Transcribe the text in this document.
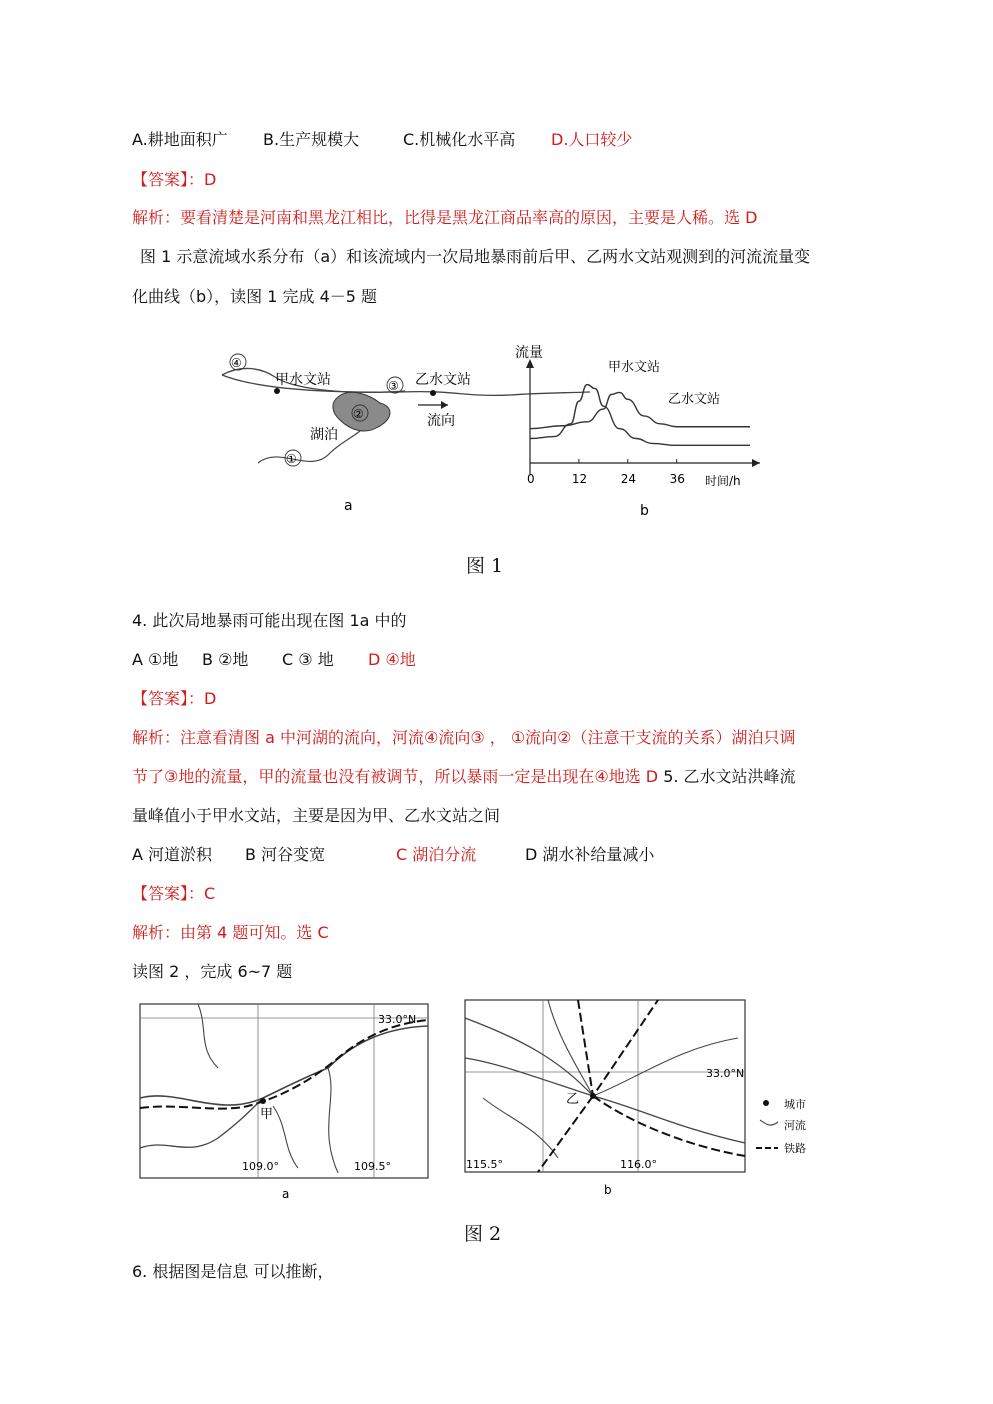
A.耕地面积广 B.生产规模大	C.机械化水平高 D.人口较少
【答案】：D
解析：要看清楚是河南和黑龙江相比，比得是黑龙江商品率高的原因，主要是人稀。选 D
图 1 示意流域水系分布（a）和该流域内一次局地暴雨前后甲、乙两水文站观测到的河流流量变
化曲线（b），读图 1 完成 4－5 题
④
③
②
①
甲水文站	乙水文站
湖泊
流向
a
流量
时间/h
甲水文站
乙水文站
b
0	12	24	36
图 1
4. 此次局地暴雨可能出现在图 1a 中的
A ①地 B ②地 C ③ 地 D ④地
【答案】：D
解析：注意看清图 a 中河湖的流向，河流④流向③ ， ①流向②（注意干支流的关系）湖泊只调
节了③地的流量，甲的流量也没有被调节，所以暴雨一定是出现在④地选 D 5. 乙水文站洪峰流
量峰值小于甲水文站，主要是因为甲、乙水文站之间
A 河道淤积 B 河谷变宽	C 湖泊分流	D 湖水补给量减小
【答案】：C
解析：由第 4 题可知。选 C
读图 2 ，完成 6~7 题
甲
33.0°N
109.0°	109.5°
a
乙
33.0°N
115.5°	116.0°
b
城市
河流
铁路
图 2
6. 根据图是信息 可以推断，
